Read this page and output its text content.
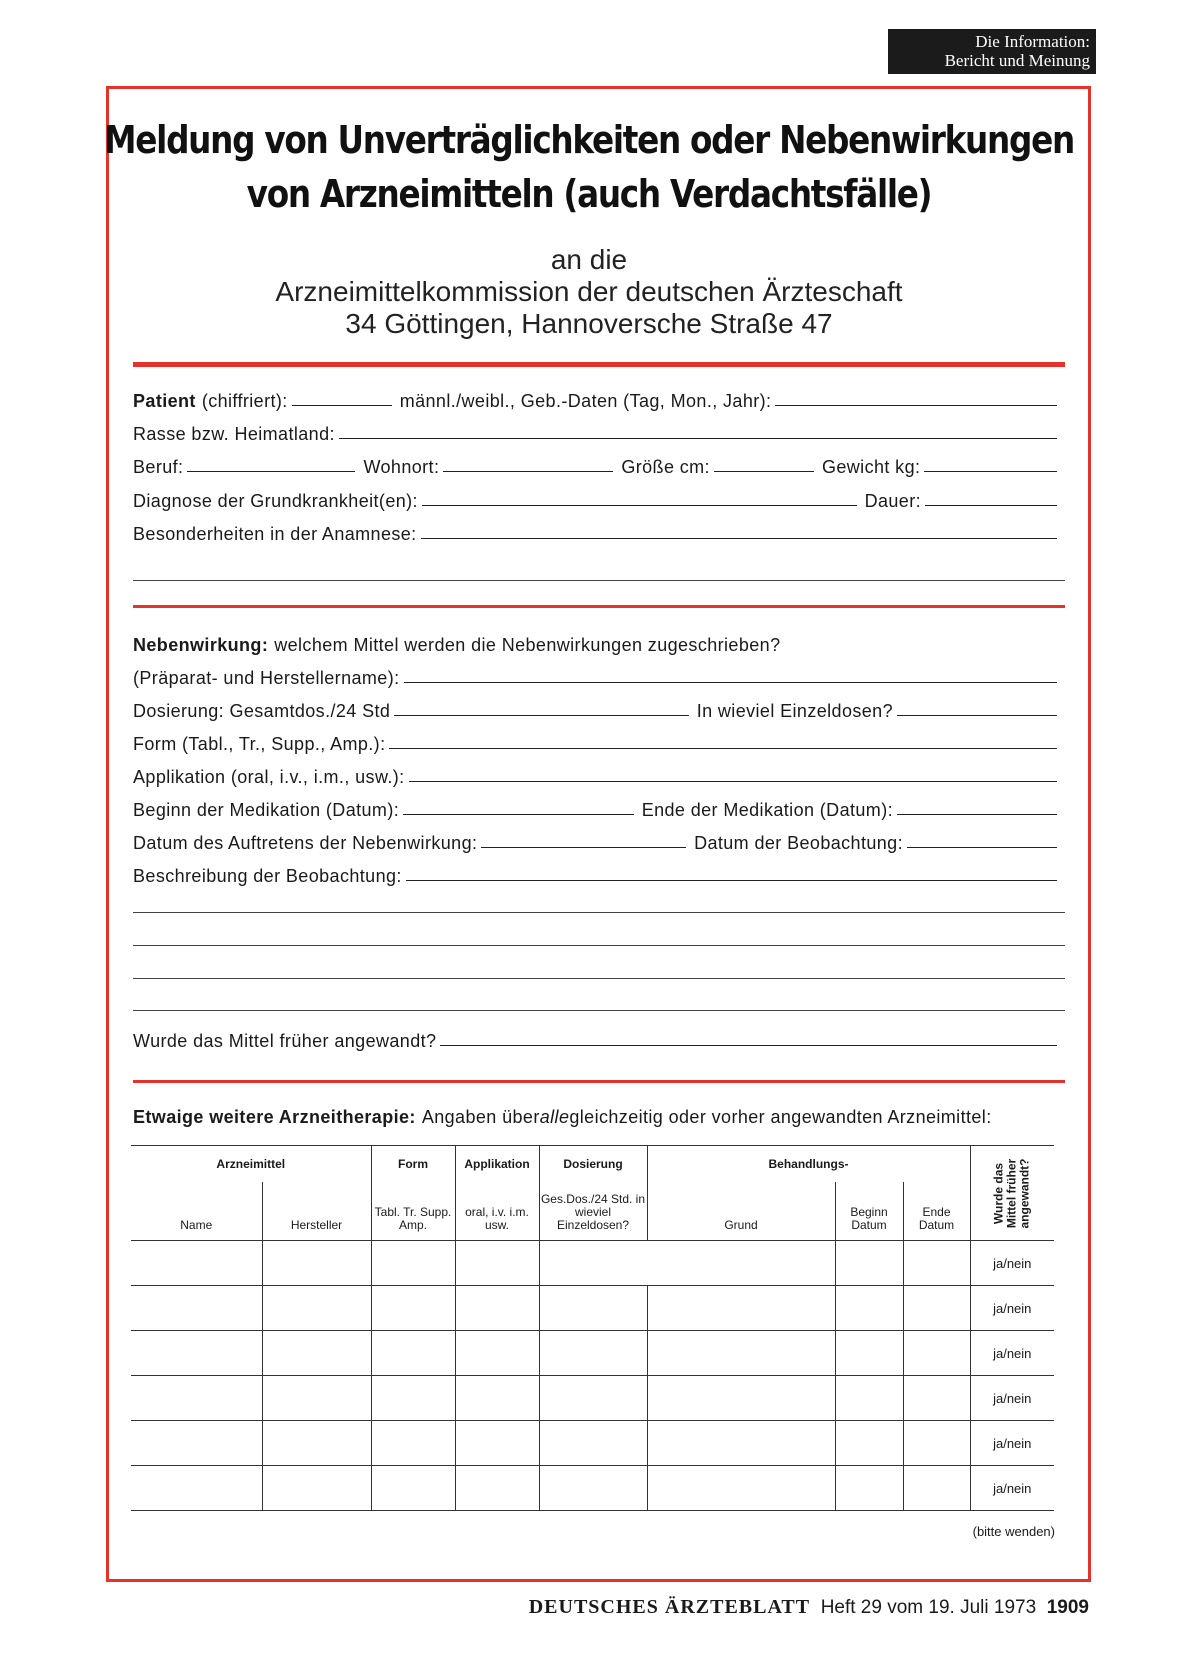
Die Information:
Bericht und Meinung
Meldung von Unverträglichkeiten oder Nebenwirkungen
von Arzneimitteln (auch Verdachtsfälle)
an die
Arzneimittelkommission der deutschen Ärzteschaft
34 Göttingen, Hannoversche Straße 47
Patient (chiffriert):	männl./weibl., Geb.-Daten (Tag, Mon., Jahr):
Rasse bzw. Heimatland:
Beruf:	Wohnort:	Größe cm:	Gewicht kg:
Diagnose der Grundkrankheit(en):	Dauer:
Besonderheiten in der Anamnese:
Nebenwirkung: welchem Mittel werden die Nebenwirkungen zugeschrieben?
(Präparat- und Herstellername):
Dosierung: Gesamtdos./24 Std	In wieviel Einzeldosen?
Form (Tabl., Tr., Supp., Amp.):
Applikation (oral, i.v., i.m., usw.):
Beginn der Medikation (Datum):	Ende der Medikation (Datum):
Datum des Auftretens der Nebenwirkung:	Datum der Beobachtung:
Beschreibung der Beobachtung:
Wurde das Mittel früher angewandt?
Etwaige weitere Arzneitherapie: Angaben über alle gleichzeitig oder vorher angewandten Arzneimittel:
Arzneimittel		Form	Applikation	Dosierung	Behandlungs-			Wurde das Mittel früher angewandt?
Name	Hersteller	Tabl. Tr. Supp. Amp.	oral, i.v. i.m. usw.	Ges.Dos./24 Std. in wieviel Einzeldosen?	Grund	Beginn Datum	Ende Datum	
								ja/nein
								ja/nein
								ja/nein
								ja/nein
								ja/nein
								ja/nein
(bitte wenden)
DEUTSCHES ÄRZTEBLATT Heft 29 vom 19. Juli 1973 1909
